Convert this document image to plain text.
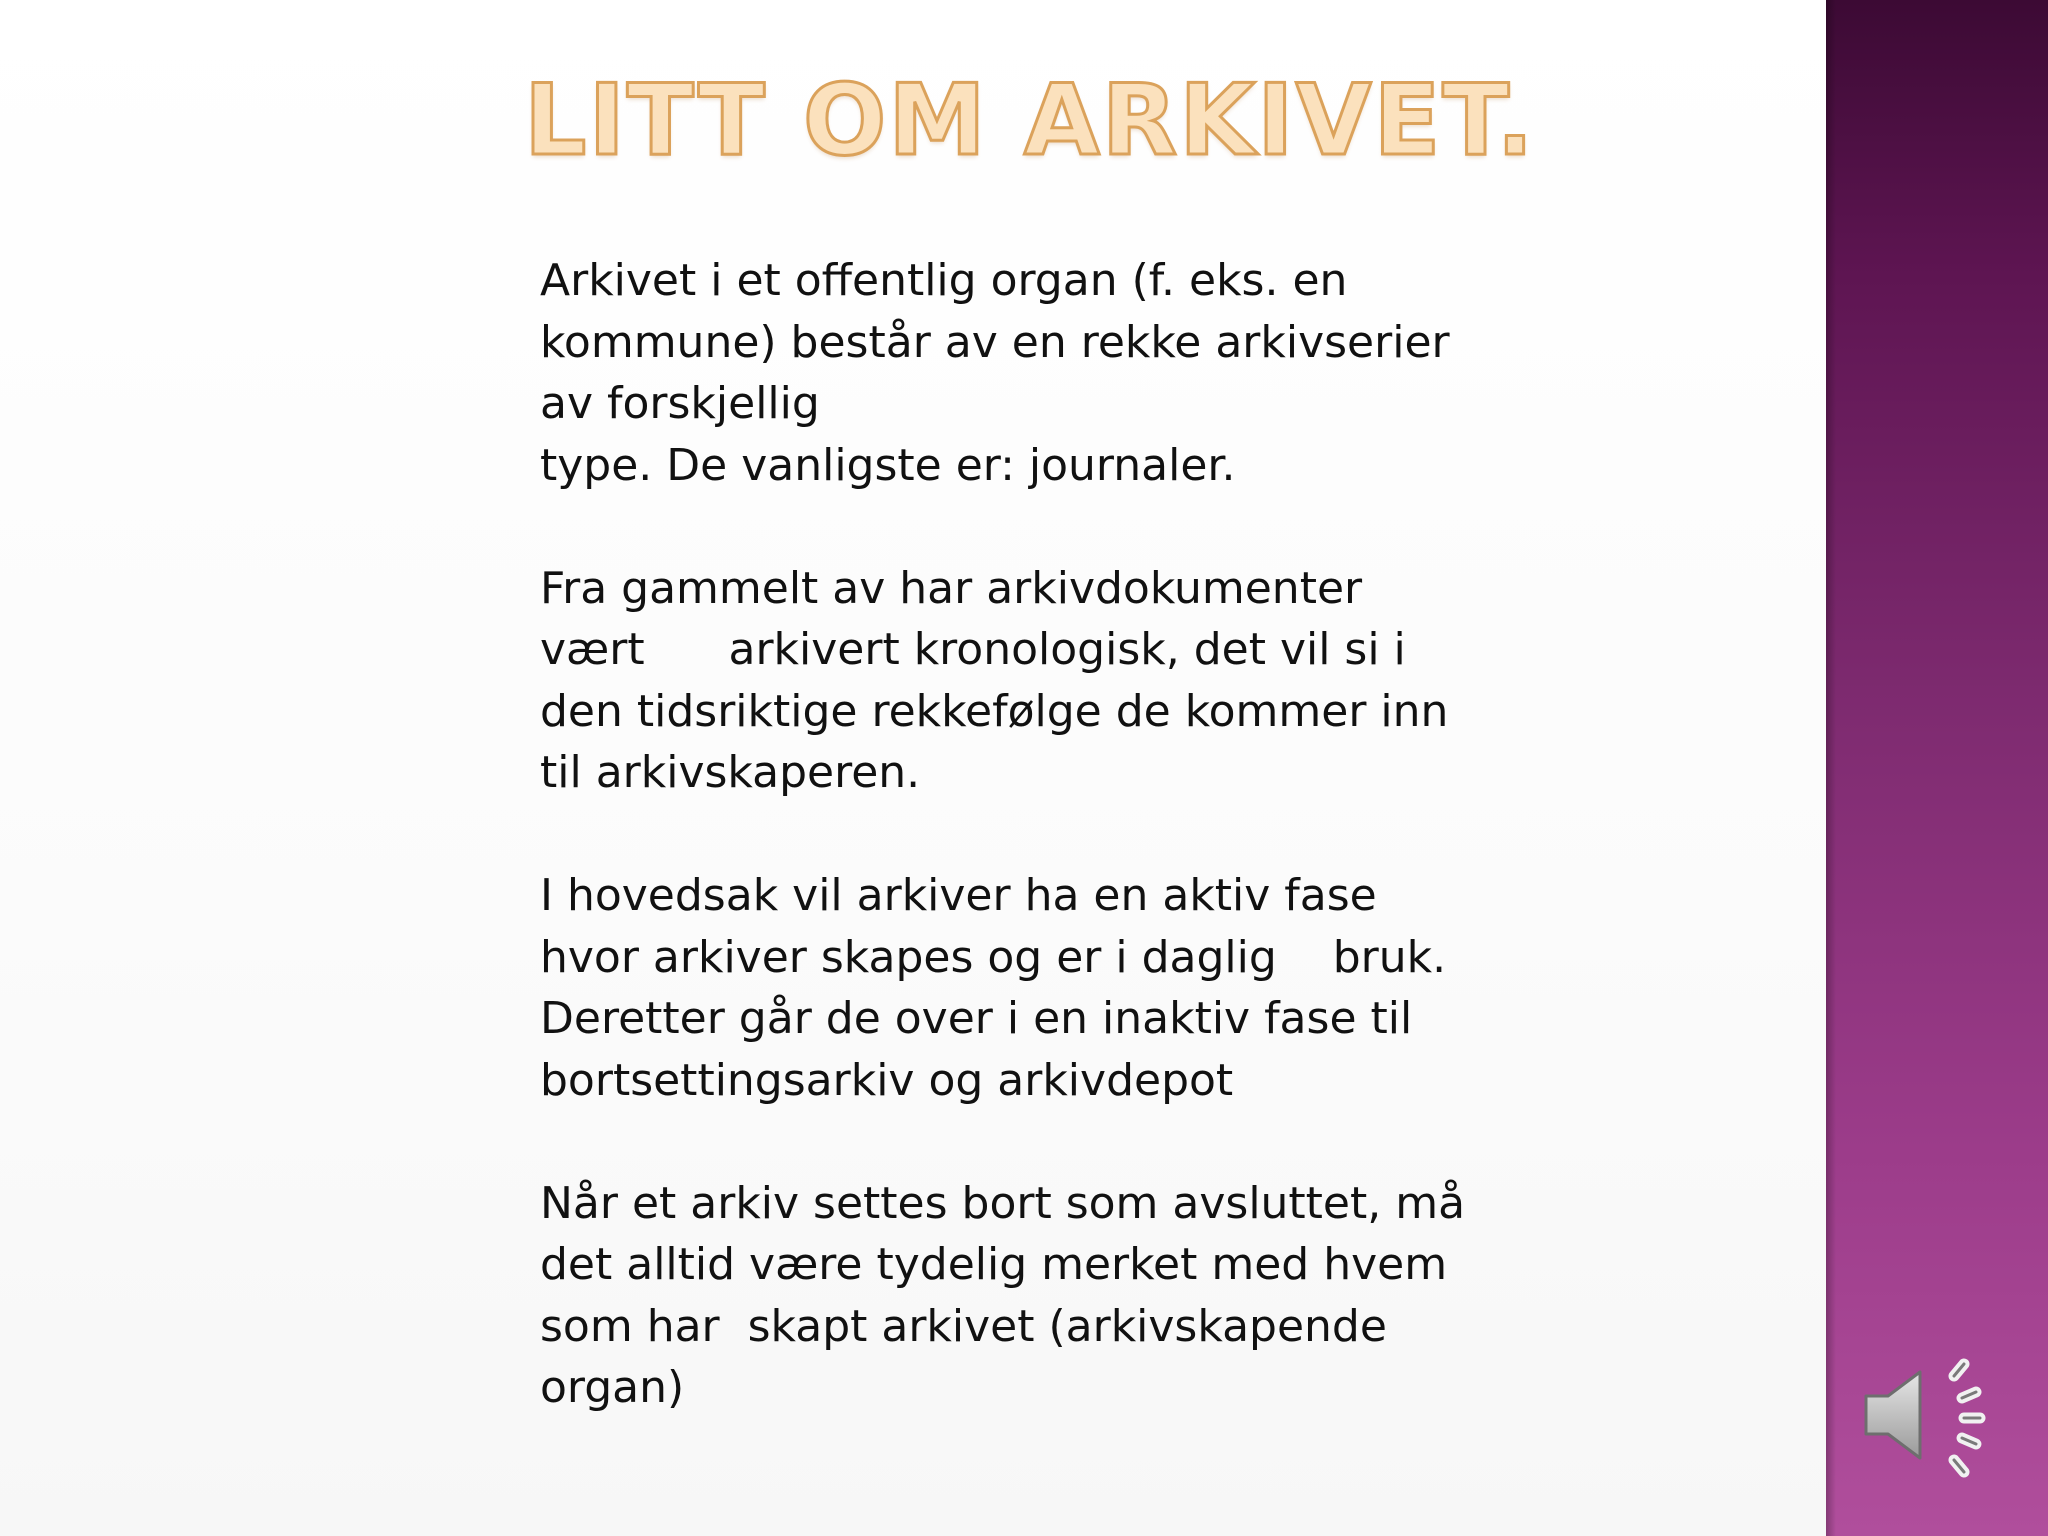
LITT OM ARKIVET.

Arkivet i et offentlig organ (f. eks. en
kommune) består av en rekke arkivserier
av forskjellig
type. De vanligste er: journaler.

Fra gammelt av har arkivdokumenter
vært      arkivert kronologisk, det vil si i
den tidsriktige rekkefølge de kommer inn
til arkivskaperen.

I hovedsak vil arkiver ha en aktiv fase
hvor arkiver skapes og er i daglig    bruk.
Deretter går de over i en inaktiv fase til
bortsettingsarkiv og arkivdepot

Når et arkiv settes bort som avsluttet, må
det alltid være tydelig merket med hvem
som har  skapt arkivet (arkivskapende
organ)
